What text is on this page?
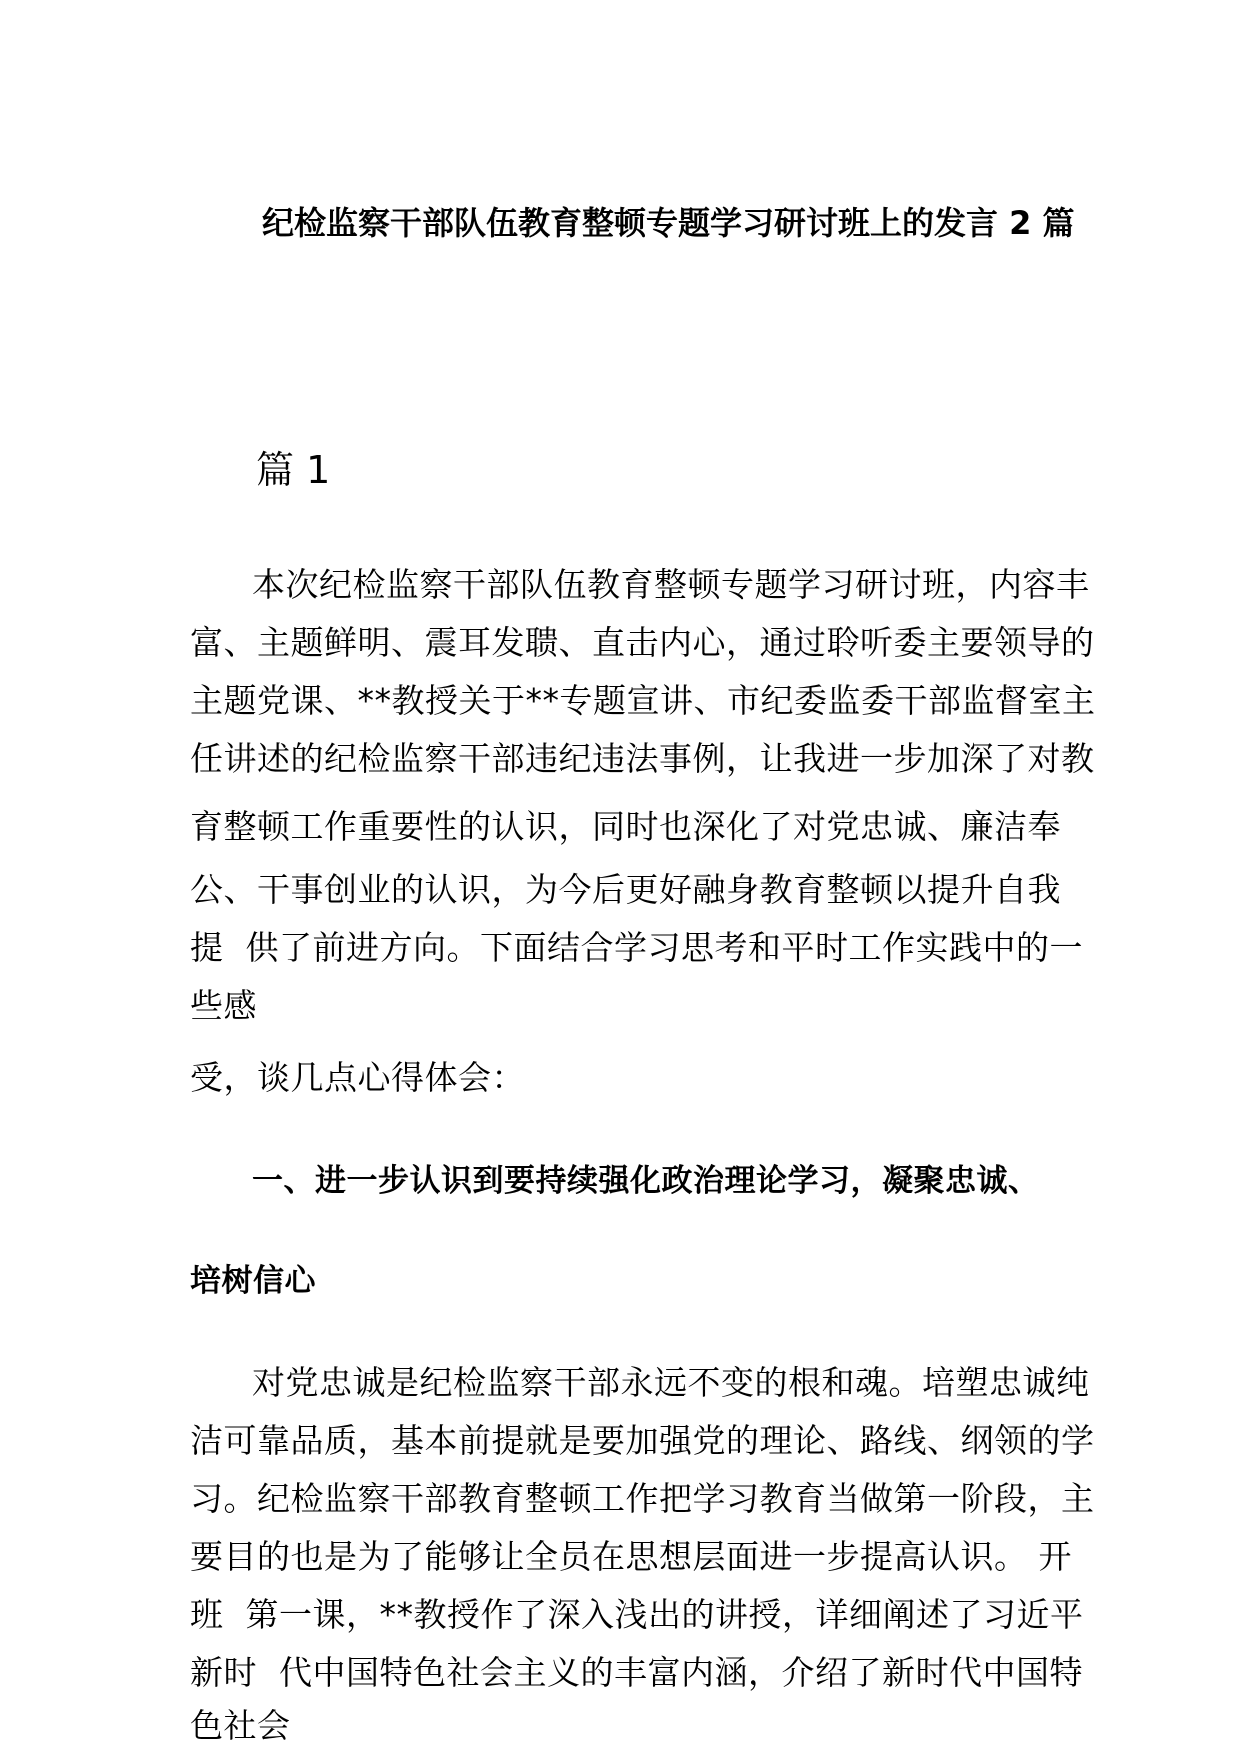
纪检监察干部队伍教育整顿专题学习研讨班上的发言 2 篇
篇 1
本次纪检监察干部队伍教育整顿专题学习研讨班，内容丰
富、主题鲜明、震耳发聩、直击内心，通过聆听委主要领导的
主题党课、**教授关于**专题宣讲、市纪委监委干部监督室主
任讲述的纪检监察干部违纪违法事例，让我进一步加深了对教
育整顿工作重要性的认识，同时也深化了对党忠诚、廉洁奉
公、干事创业的认识，为今后更好融身教育整顿以提升自我
提  供了前进方向。下面结合学习思考和平时工作实践中的一
些感
受，谈几点心得体会：
一、进一步认识到要持续强化政治理论学习，凝聚忠诚、
培树信心
对党忠诚是纪检监察干部永远不变的根和魂。培塑忠诚纯
洁可靠品质，基本前提就是要加强党的理论、路线、纲领的学
习。纪检监察干部教育整顿工作把学习教育当做第一阶段，主
要目的也是为了能够让全员在思想层面进一步提高认识。 开
班  第一课，**教授作了深入浅出的讲授，详细阐述了习近平
新时  代中国特色社会主义的丰富内涵，介绍了新时代中国特
色社会
